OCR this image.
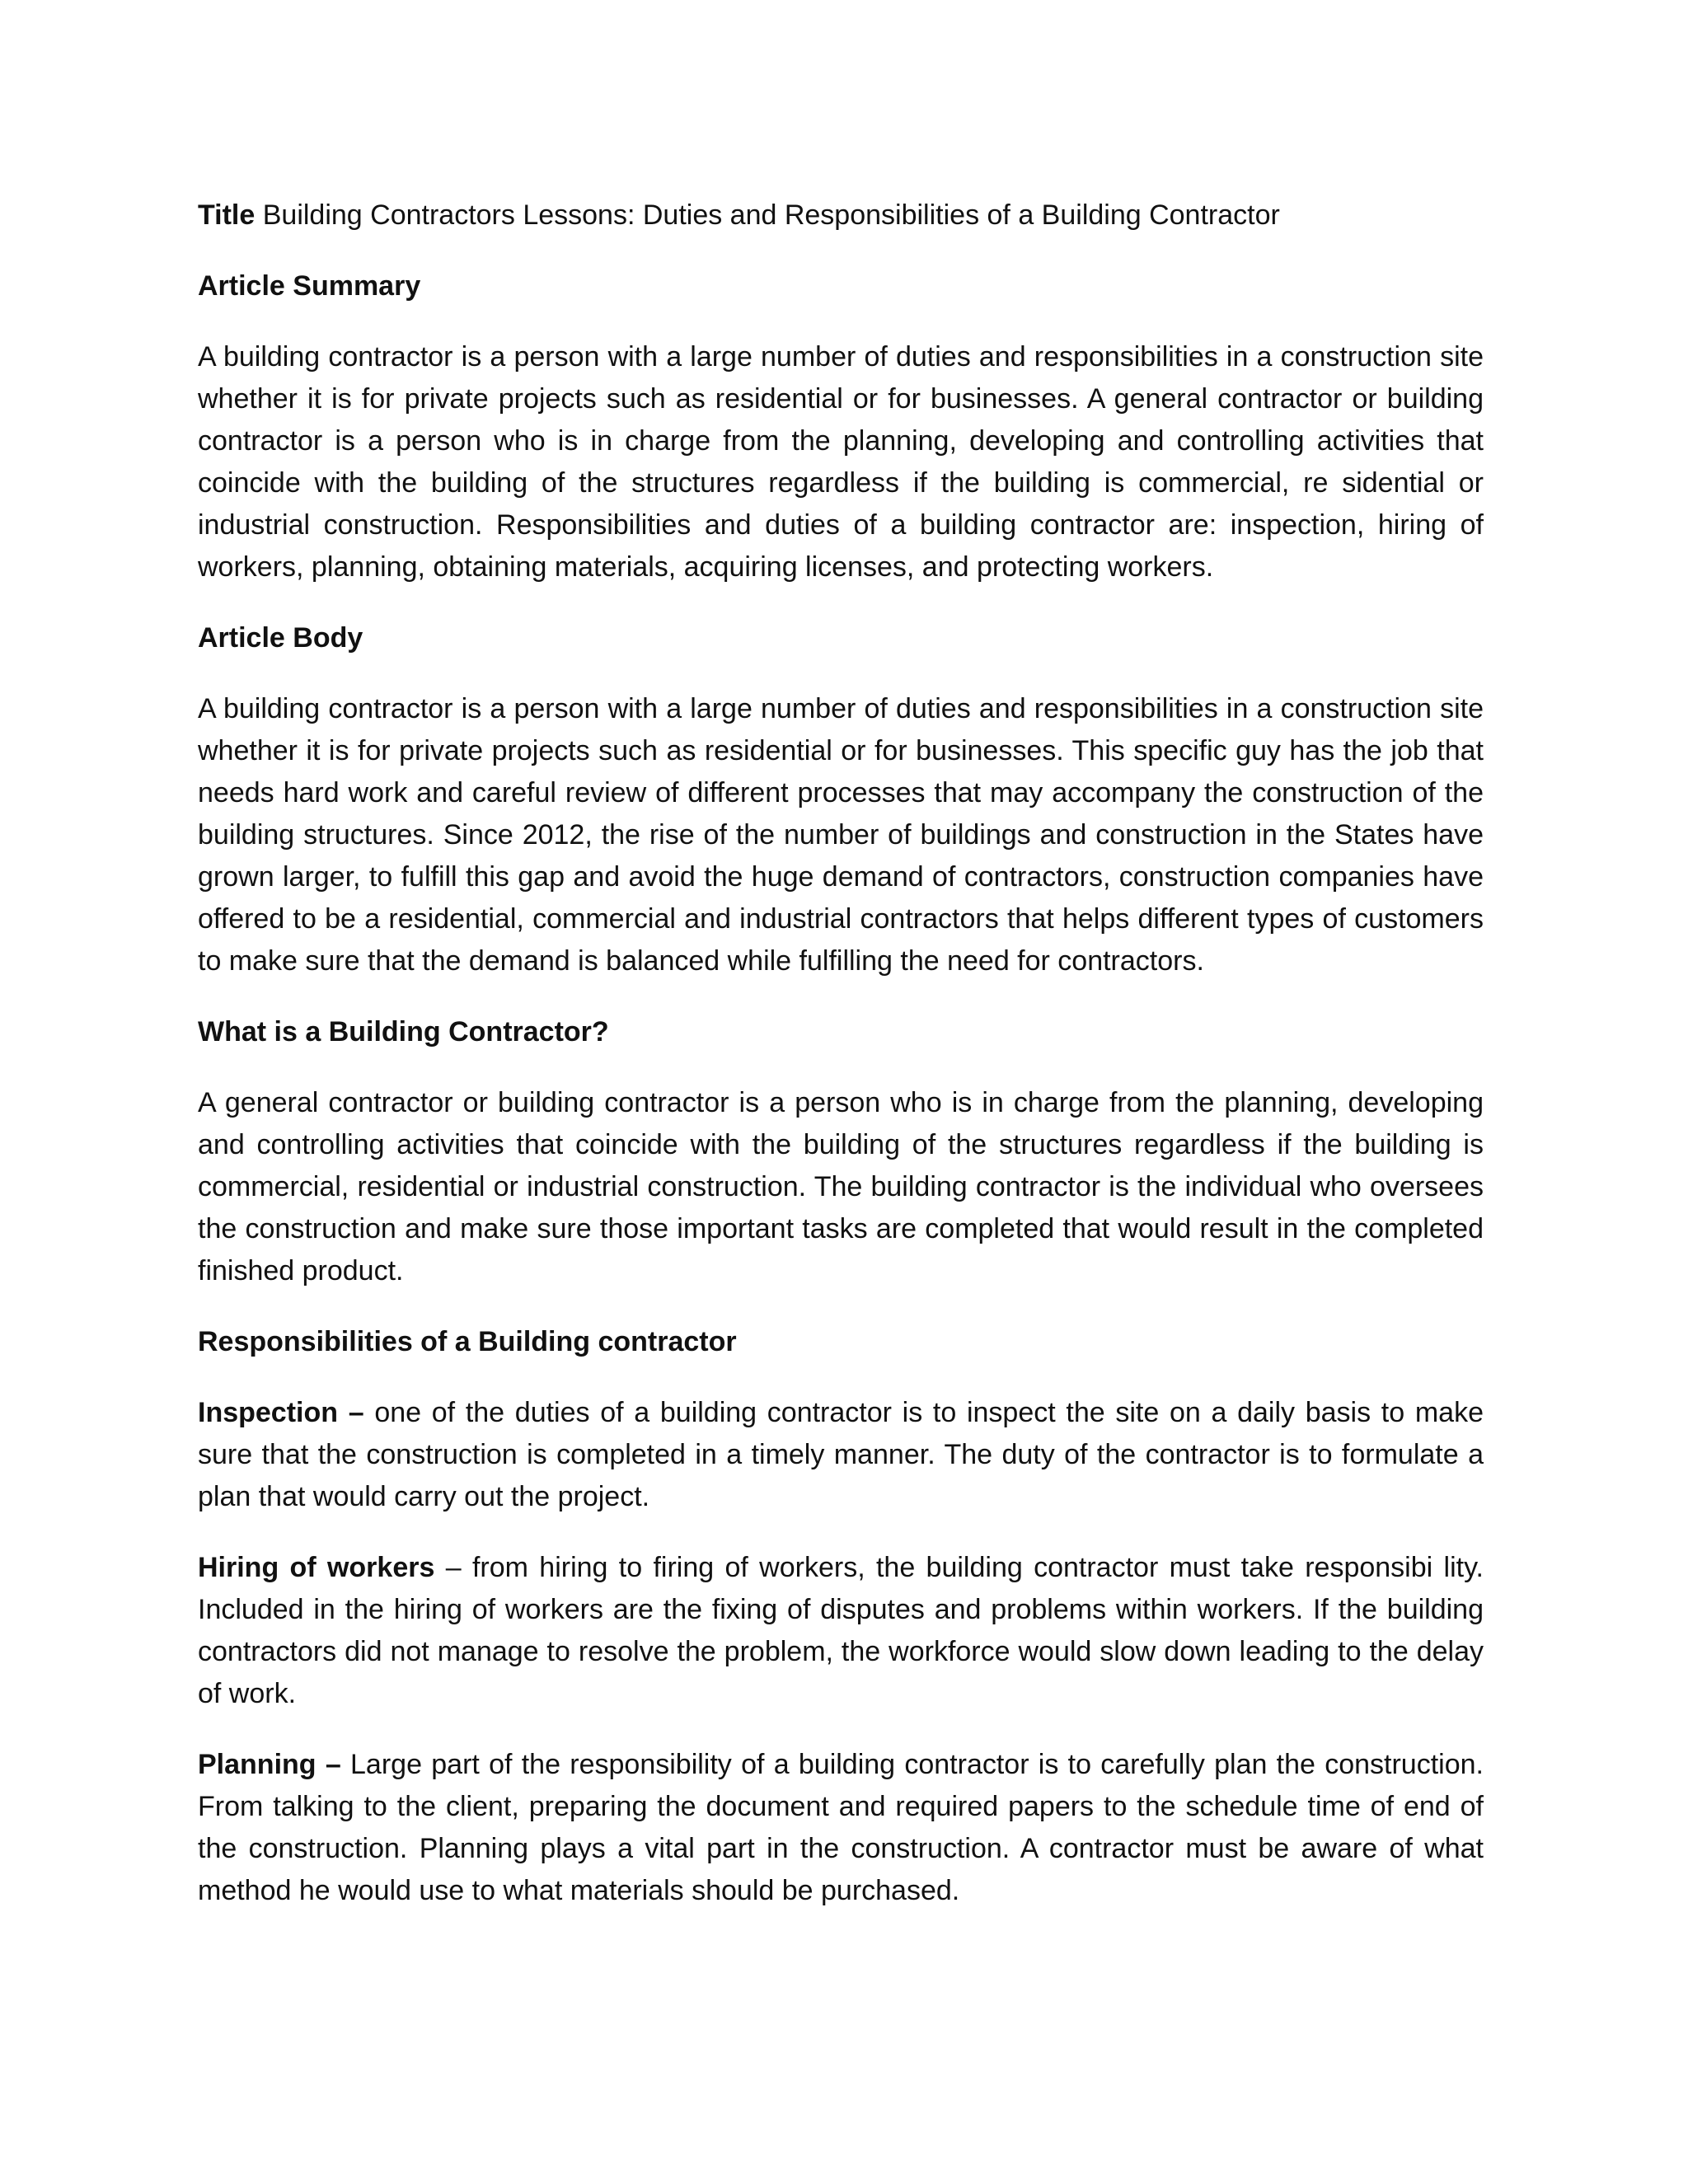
Title Building Contractors Lessons: Duties and Responsibilities of a Building Contractor

Article Summary

A building contractor is a person with a large number of duties and responsibilities in a construction site whether it is for private projects such as residential or for businesses. A general contractor or building contractor is a person who is in charge from the planning, developing and controlling activities that coincide with the building of the structures regardless if the building is commercial, re sidential or industrial construction. Responsibilities and duties of a building contractor are: inspection, hiring of workers, planning, obtaining materials, acquiring licenses, and protecting workers.

Article Body

A building contractor is a person with a large number of duties and responsibilities in a construction site whether it is for private projects such as residential or for businesses. This specific guy has the job that needs hard work and careful review of different processes that may accompany the construction of the building structures. Since 2012, the rise of the number of buildings and construction in the States have grown larger, to fulfill this gap and avoid the huge demand of contractors, construction companies have offered to be a residential, commercial and industrial contractors that helps different types of customers to make sure that the demand is balanced while fulfilling the need for contractors.

What is a Building Contractor?

A general contractor or building contractor is a person who is in charge from the planning, developing and controlling activities that coincide with the building of the structures regardless if the building is commercial, residential or industrial construction. The building contractor is the individual who oversees the construction and make sure those important tasks are completed that would result in the completed finished product.

Responsibilities of a Building contractor

Inspection – one of the duties of a building contractor is to inspect the site on a daily basis to make sure that the construction is completed in a timely manner. The duty of the contractor is to formulate a plan that would carry out the project.

Hiring of workers – from hiring to firing of workers, the building contractor must take responsibi lity. Included in the hiring of workers are the fixing of disputes and problems within workers. If the building contractors did not manage to resolve the problem, the workforce would slow down leading to the delay of work.

Planning – Large part of the responsibility of a building contractor is to carefully plan the construction. From talking to the client, preparing the document and required papers to the schedule time of end of the construction. Planning plays a vital part in the construction. A contractor must be aware of what method he would use to what materials should be purchased.
